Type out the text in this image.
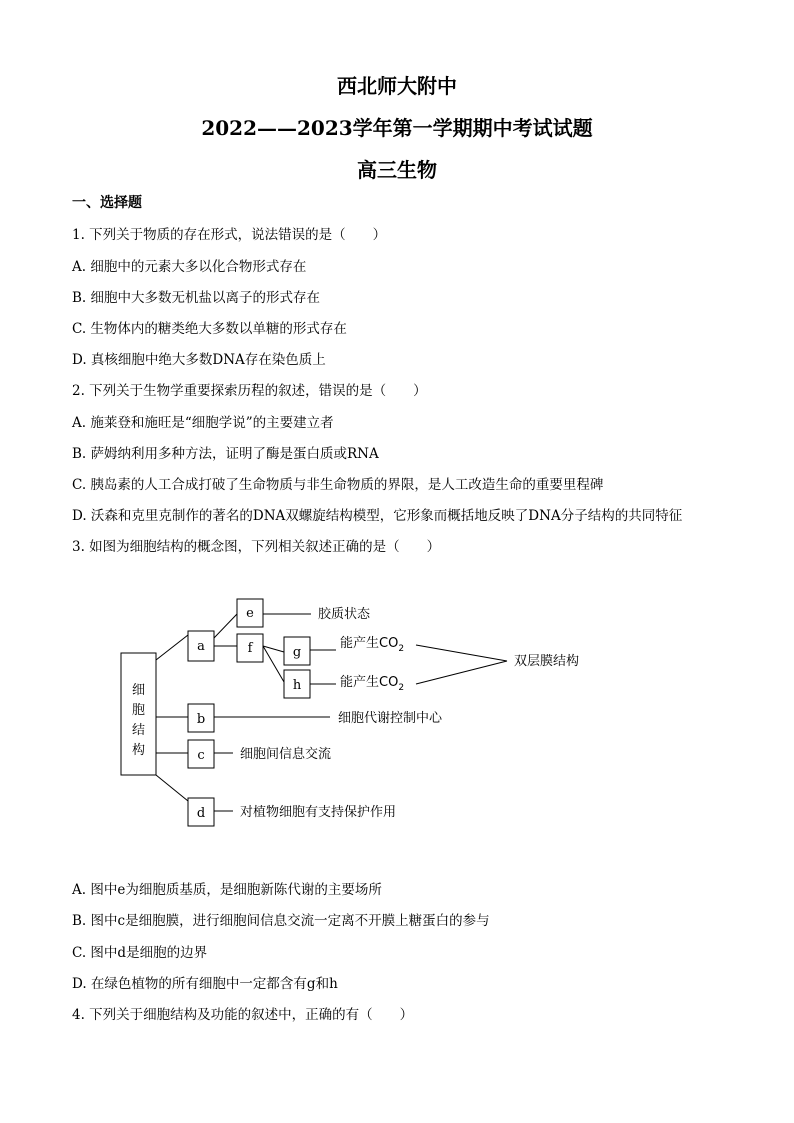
西北师大附中
2022——2023学年第一学期期中考试试题
高三生物

一、选择题

1. 下列关于物质的存在形式，说法错误的是（　　）

A. 细胞中的元素大多以化合物形式存在

B. 细胞中大多数无机盐以离子的形式存在

C. 生物体内的糖类绝大多数以单糖的形式存在

D. 真核细胞中绝大多数DNA存在染色质上

2. 下列关于生物学重要探索历程的叙述，错误的是（　　）

A. 施莱登和施旺是“细胞学说”的主要建立者

B. 萨姆纳利用多种方法，证明了酶是蛋白质或RNA

C. 胰岛素的人工合成打破了生命物质与非生命物质的界限，是人工改造生命的重要里程碑

D. 沃森和克里克制作的著名的DNA双螺旋结构模型，它形象而概括地反映了DNA分子结构的共同特征

3. 如图为细胞结构的概念图，下列相关叙述正确的是（　　）

细
胞
结
构
a
e	胶质状态
f	g
能产生$CO_2$
h	能产生$CO_2$
双层膜结构
b	细胞代谢控制中心
c	细胞间信息交流
d	对植物细胞有支持保护作用

A. 图中e为细胞质基质，是细胞新陈代谢的主要场所

B. 图中c是细胞膜，进行细胞间信息交流一定离不开膜上糖蛋白的参与

C. 图中d是细胞的边界

D. 在绿色植物的所有细胞中一定都含有g和h

4. 下列关于细胞结构及功能的叙述中，正确的有（　　）
